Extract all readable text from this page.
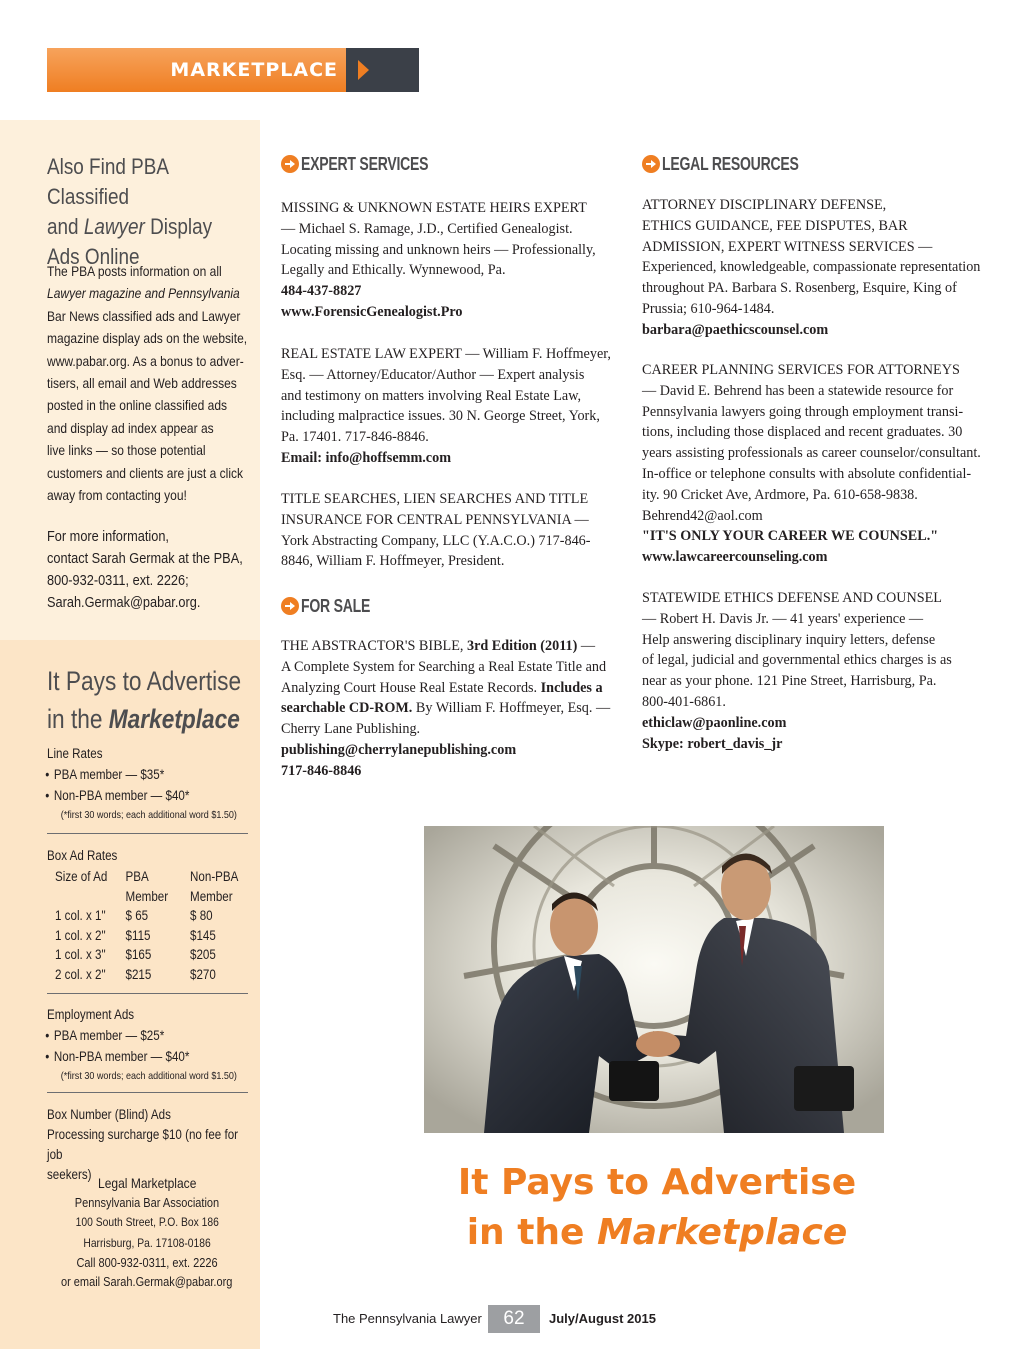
MARKETPLACE
Also Find PBA Classified
and Lawyer Display
Ads Online
The PBA posts information on all
Lawyer magazine and Pennsylvania
Bar News classified ads and Lawyer
magazine display ads on the website,
www.pabar.org. As a bonus to adver-
tisers, all email and Web addresses
posted in the online classified ads
and display ad index appear as
live links — so those potential
customers and clients are just a click
away from contacting you!
For more information,
contact Sarah Germak at the PBA,
800-932-0311, ext. 2226;
Sarah.Germak@pabar.org.
It Pays to Advertise
in the Marketplace
Line Rates
• PBA member — $35*
• Non-PBA member — $40*
(*first 30 words; each additional word $1.50)
Box Ad Rates
Size of Ad	PBA Member
Non-PBA Member
1 col. x 1"	$ 65	$ 80
1 col. x 2"	$115	$145
1 col. x 3"	$165	$205
2 col. x 2"	$215	$270
Employment Ads
• PBA member — $25*
• Non-PBA member — $40*
(*first 30 words; each additional word $1.50)
Box Number (Blind) Ads
Processing surcharge $10 (no fee for job
seekers)
Legal Marketplace
Pennsylvania Bar Association
100 South Street, P.O. Box 186
Harrisburg, Pa. 17108-0186
Call 800-932-0311, ext. 2226
or email Sarah.Germak@pabar.org
EXPERT SERVICES
MISSING & UNKNOWN ESTATE HEIRS EXPERT
— Michael S. Ramage, J.D., Certified Genealogist.
Locating missing and unknown heirs — Professionally,
Legally and Ethically. Wynnewood, Pa.
484-437-8827
www.ForensicGenealogist.Pro
REAL ESTATE LAW EXPERT — William F. Hoffmeyer,
Esq. — Attorney/Educator/Author — Expert analysis
and testimony on matters involving Real Estate Law,
including malpractice issues. 30 N. George Street, York,
Pa. 17401. 717-846-8846.
Email: info@hoffsemm.com
TITLE SEARCHES, LIEN SEARCHES AND TITLE
INSURANCE FOR CENTRAL PENNSYLVANIA —
York Abstracting Company, LLC (Y.A.C.O.) 717-846-
8846, William F. Hoffmeyer, President.
FOR SALE
THE ABSTRACTOR'S BIBLE, 3rd Edition (2011) —
A Complete System for Searching a Real Estate Title and
Analyzing Court House Real Estate Records. Includes a
searchable CD-ROM. By William F. Hoffmeyer, Esq. —
Cherry Lane Publishing.
publishing@cherrylanepublishing.com
717-846-8846
LEGAL RESOURCES
ATTORNEY DISCIPLINARY DEFENSE,
ETHICS GUIDANCE, FEE DISPUTES, BAR
ADMISSION, EXPERT WITNESS SERVICES —
Experienced, knowledgeable, compassionate representation
throughout PA. Barbara S. Rosenberg, Esquire, King of
Prussia; 610-964-1484.
barbara@paethicscounsel.com
CAREER PLANNING SERVICES FOR ATTORNEYS
— David E. Behrend has been a statewide resource for
Pennsylvania lawyers going through employment transi-
tions, including those displaced and recent graduates. 30
years assisting professionals as career counselor/consultant.
In-office or telephone consults with absolute confidential-
ity. 90 Cricket Ave, Ardmore, Pa. 610-658-9838.
Behrend42@aol.com
"IT'S ONLY YOUR CAREER WE COUNSEL."
www.lawcareercounseling.com
STATEWIDE ETHICS DEFENSE AND COUNSEL
— Robert H. Davis Jr. — 41 years' experience —
Help answering disciplinary inquiry letters, defense
of legal, judicial and governmental ethics charges is as
near as your phone. 121 Pine Street, Harrisburg, Pa.
800-401-6861.
ethiclaw@paonline.com
Skype: robert_davis_jr
It Pays to Advertise
in the Marketplace
The Pennsylvania Lawyer	62	July/August 2015
